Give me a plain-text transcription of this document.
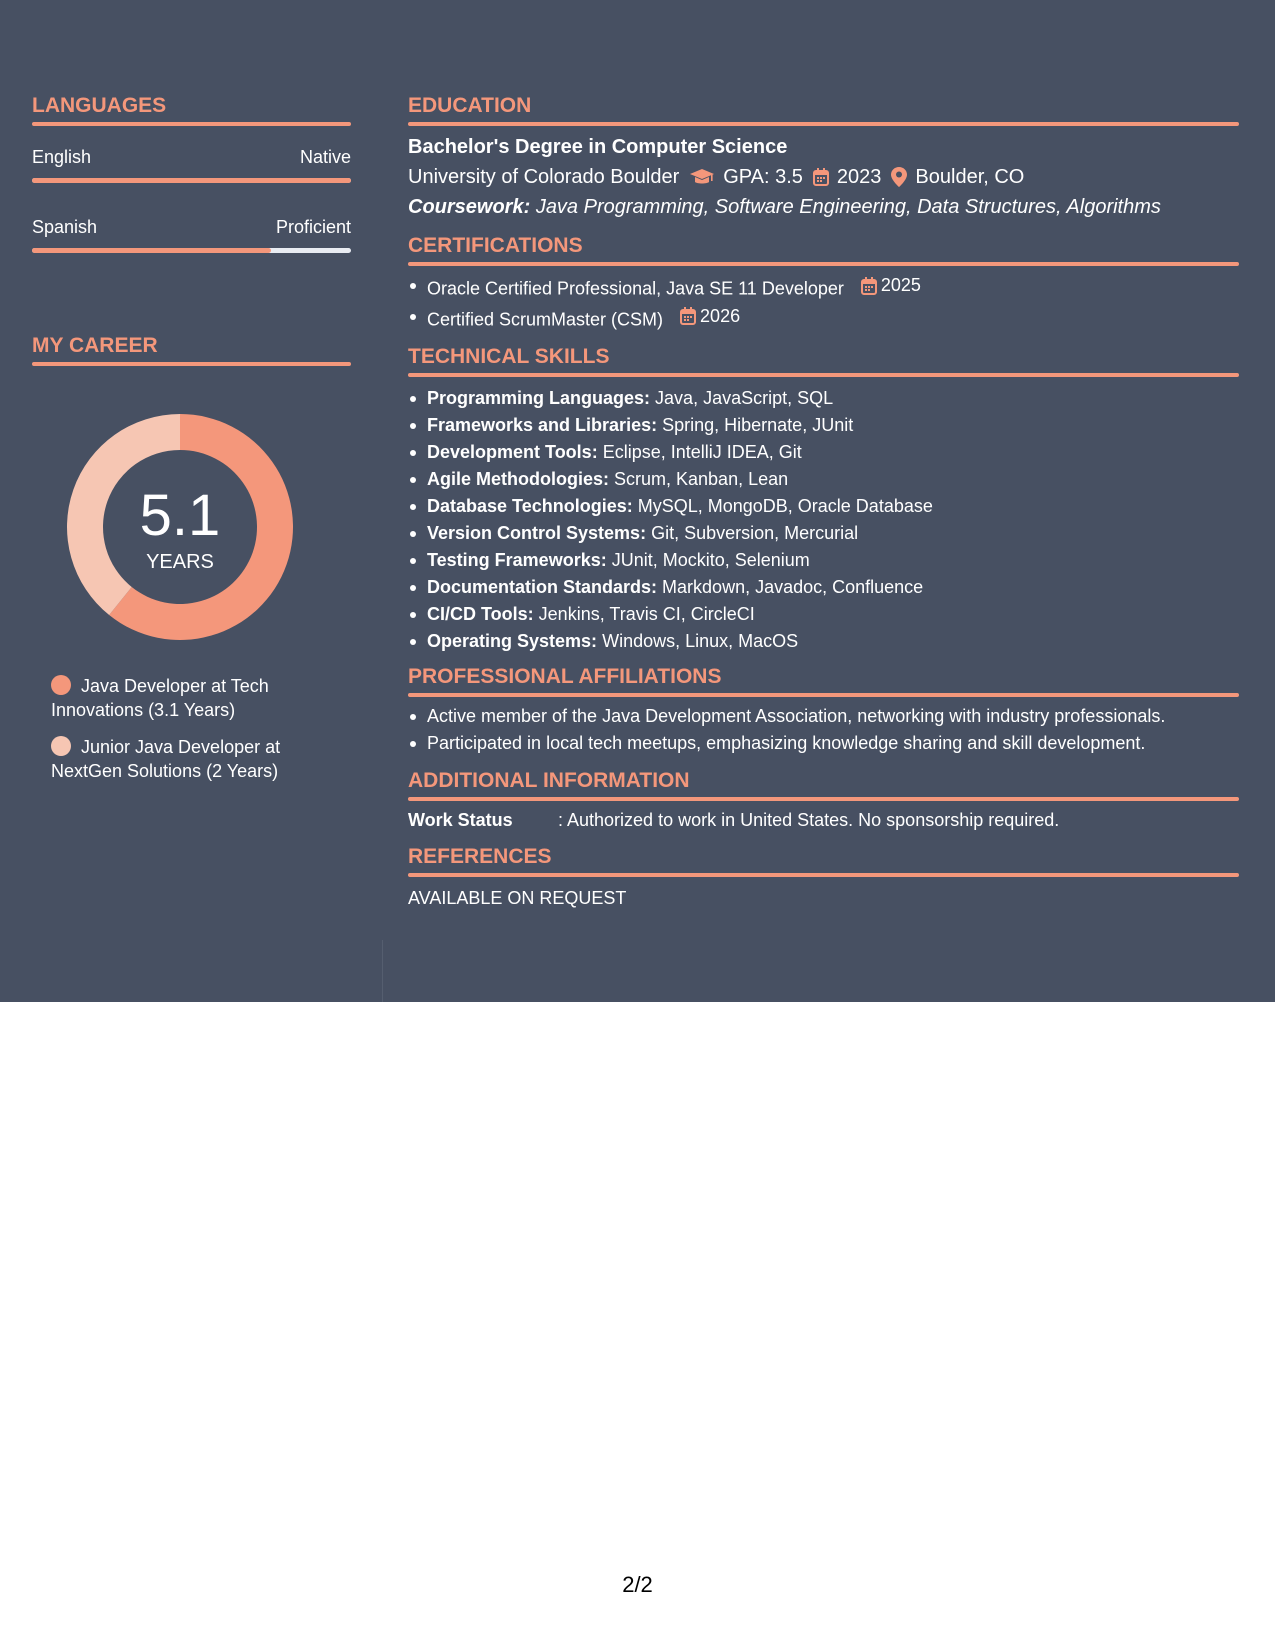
LANGUAGES
English	Native
Spanish	Proficient
MY CAREER
5.1
YEARS
Java Developer at Tech Innovations (3.1 Years)
Junior Java Developer at NextGen Solutions (2 Years)
EDUCATION
Bachelor's Degree in Computer Science
University of Colorado Boulder GPA: 3.5 2023 Boulder, CO
Coursework: Java Programming, Software Engineering, Data Structures, Algorithms
CERTIFICATIONS
Oracle Certified Professional, Java SE 11 Developer 2025
Certified ScrumMaster (CSM) 2026
TECHNICAL SKILLS
Programming Languages: Java, JavaScript, SQL
Frameworks and Libraries: Spring, Hibernate, JUnit
Development Tools: Eclipse, IntelliJ IDEA, Git
Agile Methodologies: Scrum, Kanban, Lean
Database Technologies: MySQL, MongoDB, Oracle Database
Version Control Systems: Git, Subversion, Mercurial
Testing Frameworks: JUnit, Mockito, Selenium
Documentation Standards: Markdown, Javadoc, Confluence
CI/CD Tools: Jenkins, Travis CI, CircleCI
Operating Systems: Windows, Linux, MacOS
PROFESSIONAL AFFILIATIONS
Active member of the Java Development Association, networking with industry professionals.
Participated in local tech meetups, emphasizing knowledge sharing and skill development.
ADDITIONAL INFORMATION
Work Status	: Authorized to work in United States. No sponsorship required.
REFERENCES
AVAILABLE ON REQUEST
2/2
